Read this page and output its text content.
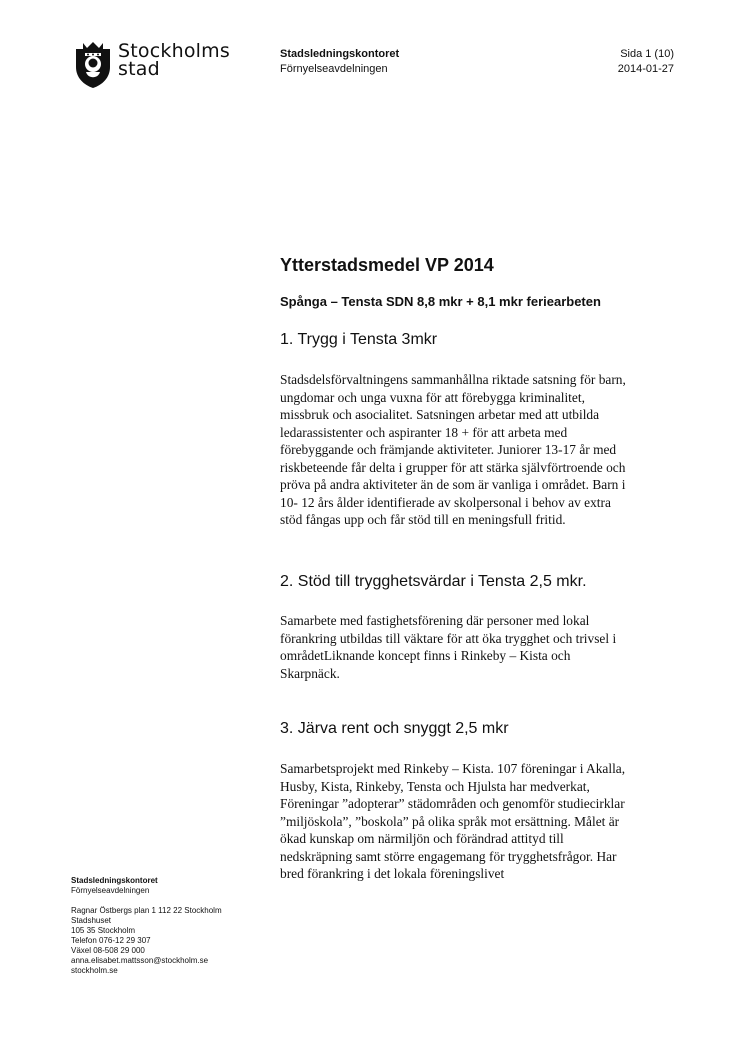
Stockholms
stad
Stadsledningskontoret
Förnyelseavdelningen
Sida 1 (10)
2014-01-27
Ytterstadsmedel VP 2014
Spånga – Tensta SDN 8,8 mkr + 8,1 mkr feriearbeten
1. Trygg i Tensta 3mkr
Stadsdelsförvaltningens sammanhållna riktade satsning för barn,
ungdomar och unga vuxna för att förebygga kriminalitet,
missbruk och asocialitet. Satsningen arbetar med att utbilda
ledarassistenter och aspiranter 18 + för att arbeta med
förebyggande och främjande aktiviteter. Juniorer 13-17 år med
riskbeteende får delta i grupper för att stärka självförtroende och
pröva på andra aktiviteter än de som är vanliga i området. Barn i
10- 12 års ålder identifierade av skolpersonal i behov av extra
stöd fångas upp och får stöd till en meningsfull fritid.
2. Stöd till trygghetsvärdar i Tensta 2,5 mkr.
Samarbete med fastighetsförening där personer med lokal
förankring utbildas till väktare för att öka trygghet och trivsel i
områdetLiknande koncept finns i Rinkeby – Kista och
Skarpnäck.
3. Järva rent och snyggt 2,5 mkr
Samarbetsprojekt med Rinkeby – Kista. 107 föreningar i Akalla,
Husby, Kista, Rinkeby, Tensta och Hjulsta har medverkat,
Föreningar ”adopterar” städområden och genomför studiecirklar
”miljöskola”, ”boskola” på olika språk mot ersättning. Målet är
ökad kunskap om närmiljön och förändrad attityd till
nedskräpning samt större engagemang för trygghetsfrågor. Har
bred förankring i det lokala föreningslivet
Stadsledningskontoret
Förnyelseavdelningen
Ragnar Östbergs plan 1 112 22 Stockholm
Stadshuset
105 35 Stockholm
Telefon 076-12 29 307
Växel 08-508 29 000
anna.elisabet.mattsson@stockholm.se
stockholm.se
